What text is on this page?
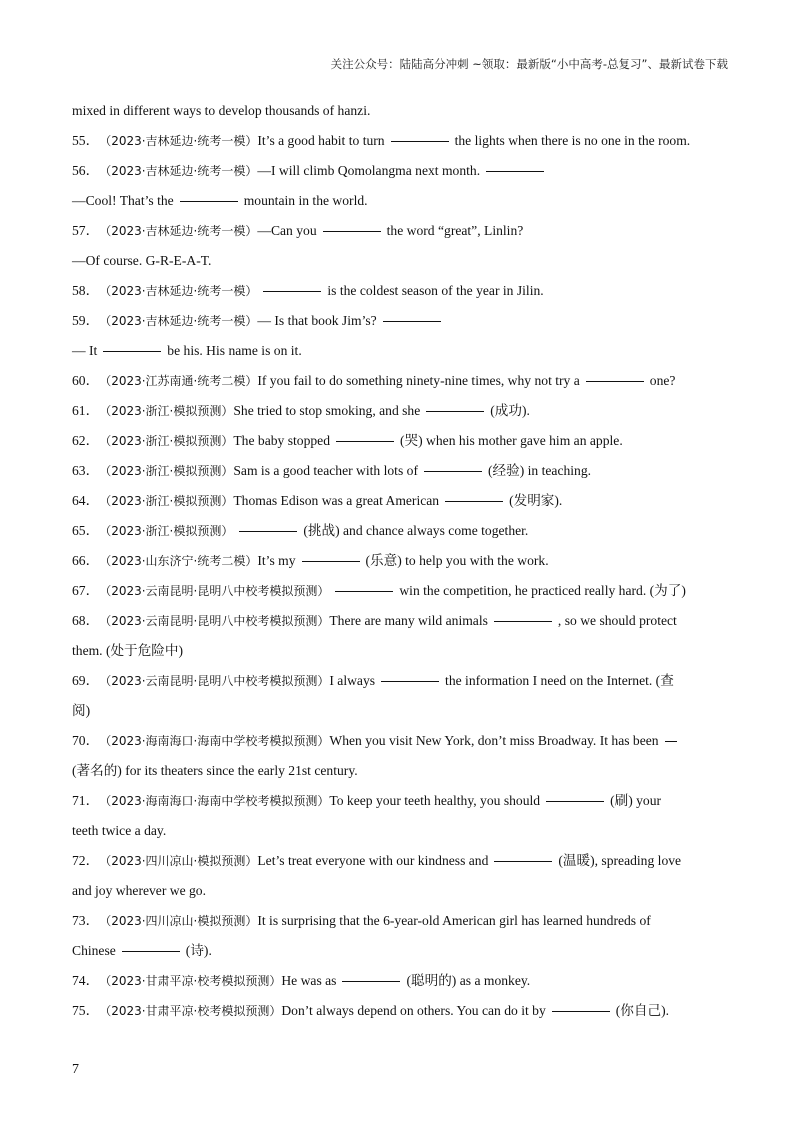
关注公众号：陆陆高分冲刺 ~领取：最新版“小中高考-总复习”、最新试卷下载
mixed in different ways to develop thousands of hanzi.
55．（2023·吉林延边·统考一模）It’s a good habit to turn	the lights when there is no one in the room.
56．（2023·吉林延边·统考一模）—I will climb Qomolangma next month.
—Cool! That’s the	mountain in the world.
57．（2023·吉林延边·统考一模）—Can you	the word “great”, Linlin?
—Of course. G-R-E-A-T.
58．（2023·吉林延边·统考一模）	is the coldest season of the year in Jilin.
59．（2023·吉林延边·统考一模）— Is that book Jim’s?
— It	be his. His name is on it.
60．（2023·江苏南通·统考二模）If you fail to do something ninety-nine times, why not try a	one?
61．（2023·浙江·模拟预测）She tried to stop smoking, and she	(成功).
62．（2023·浙江·模拟预测）The baby stopped	(哭) when his mother gave him an apple.
63．（2023·浙江·模拟预测）Sam is a good teacher with lots of	(经验) in teaching.
64．（2023·浙江·模拟预测）Thomas Edison was a great American	(发明家).
65．（2023·浙江·模拟预测）	(挑战) and chance always come together.
66．（2023·山东济宁·统考二模）It’s my	(乐意) to help you with the work.
67．（2023·云南昆明·昆明八中校考模拟预测）	win the competition, he practiced really hard. (为了)
68．（2023·云南昆明·昆明八中校考模拟预测）There are many wild animals	, so we should protect
them. (处于危险中)
69．（2023·云南昆明·昆明八中校考模拟预测）I always	the information I need on the Internet. (查
阅)
70．（2023·海南海口·海南中学校考模拟预测）When you visit New York, don’t miss Broadway. It has been
(著名的) for its theaters since the early 21st century.
71．（2023·海南海口·海南中学校考模拟预测）To keep your teeth healthy, you should	(刷) your
teeth twice a day.
72．（2023·四川凉山·模拟预测）Let’s treat everyone with our kindness and	(温暖), spreading love
and joy wherever we go.
73．（2023·四川凉山·模拟预测）It is surprising that the 6-year-old American girl has learned hundreds of
Chinese	(诗).
74．（2023·甘肃平凉·校考模拟预测）He was as	(聪明的) as a monkey.
75．（2023·甘肃平凉·校考模拟预测）Don’t always depend on others. You can do it by	(你自己).
7
